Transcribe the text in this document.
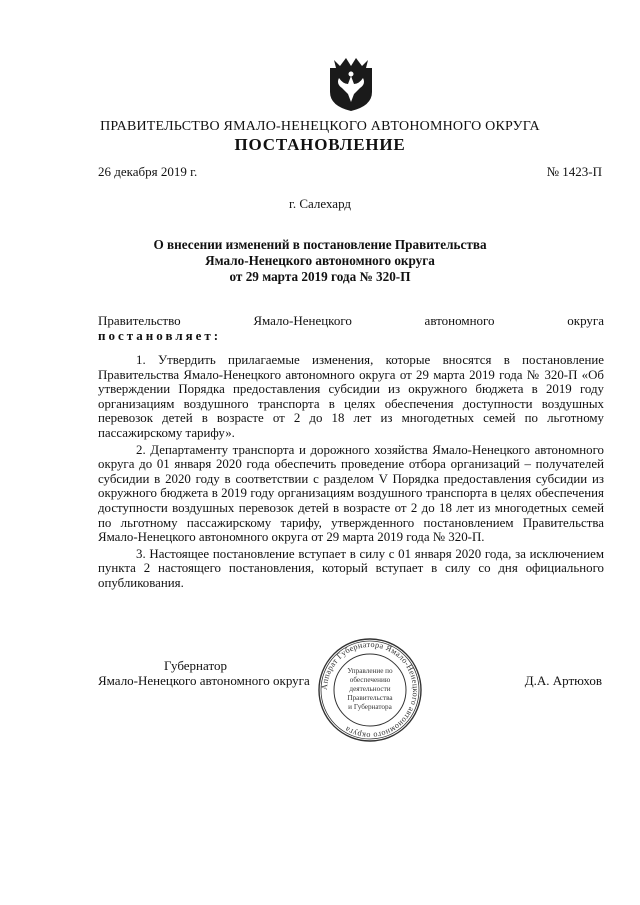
ПРАВИТЕЛЬСТВО ЯМАЛО-НЕНЕЦКОГО АВТОНОМНОГО ОКРУГА
ПОСТАНОВЛЕНИЕ
26 декабря 2019 г.	№ 1423-П
г. Салехард
О внесении изменений в постановление Правительства
Ямало-Ненецкого автономного округа
от 29 марта 2019 года № 320-П
Правительство	Ямало-Ненецкого	автономного	округа
постановляет:

1. Утвердить прилагаемые изменения, которые вносятся в постановление Правительства Ямало-Ненецкого автономного округа от 29 марта 2019 года № 320-П «Об утверждении Порядка предоставления субсидии из окружного бюджета в 2019 году организациям воздушного транспорта в целях обеспечения доступности воздушных перевозок детей в возрасте от 2 до 18 лет из многодетных семей по льготному пассажирскому тарифу».

2. Департаменту транспорта и дорожного хозяйства Ямало-Ненецкого автономного округа до 01 января 2020 года обеспечить проведение отбора организаций – получателей субсидии в 2020 году в соответствии с разделом V Порядка предоставления субсидии из окружного бюджета в 2019 году организациям воздушного транспорта в целях обеспечения доступности воздушных перевозок детей в возрасте от 2 до 18 лет из многодетных семей по льготному пассажирскому тарифу, утвержденного постановлением Правительства Ямало-Ненецкого автономного округа от 29 марта 2019 года № 320-П.

3. Настоящее постановление вступает в силу с 01 января 2020 года, за исключением пункта 2 настоящего постановления, который вступает в силу со дня официального опубликования.

Губернатор
Ямало-Ненецкого автономного округа	Д.А. Артюхов
Аппарат Губернатора Ямало-Ненецкого автономного округа
Управление по
обеспечению
деятельности
Правительства
и Губернатора
